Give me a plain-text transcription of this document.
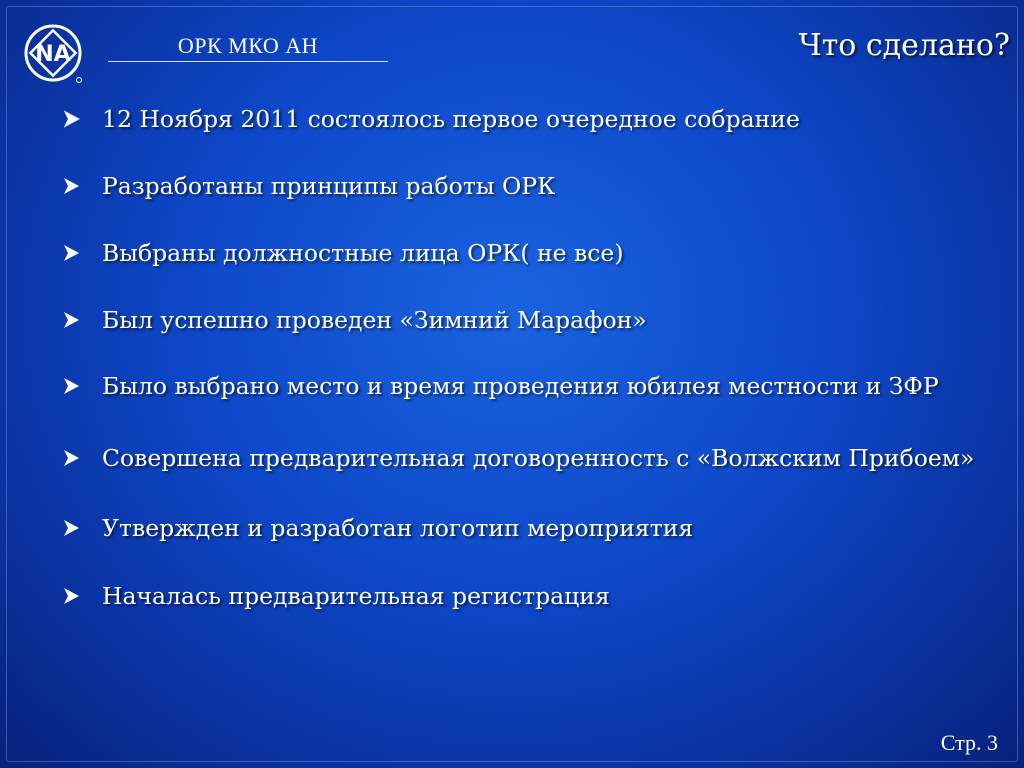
NA	ОРК МКО АН	Что сделано?
12 Ноября 2011 состоялось первое очередное собрание
Разработаны принципы работы ОРК
Выбраны должностные лица ОРК( не все)
Был успешно проведен «Зимний Марафон»
Было выбрано место и время проведения юбилея местности и ЗФР
Совершена предварительная договоренность с «Волжским Прибоем»
Утвержден и разработан логотип мероприятия
Началась предварительная регистрация
Стр. 3
